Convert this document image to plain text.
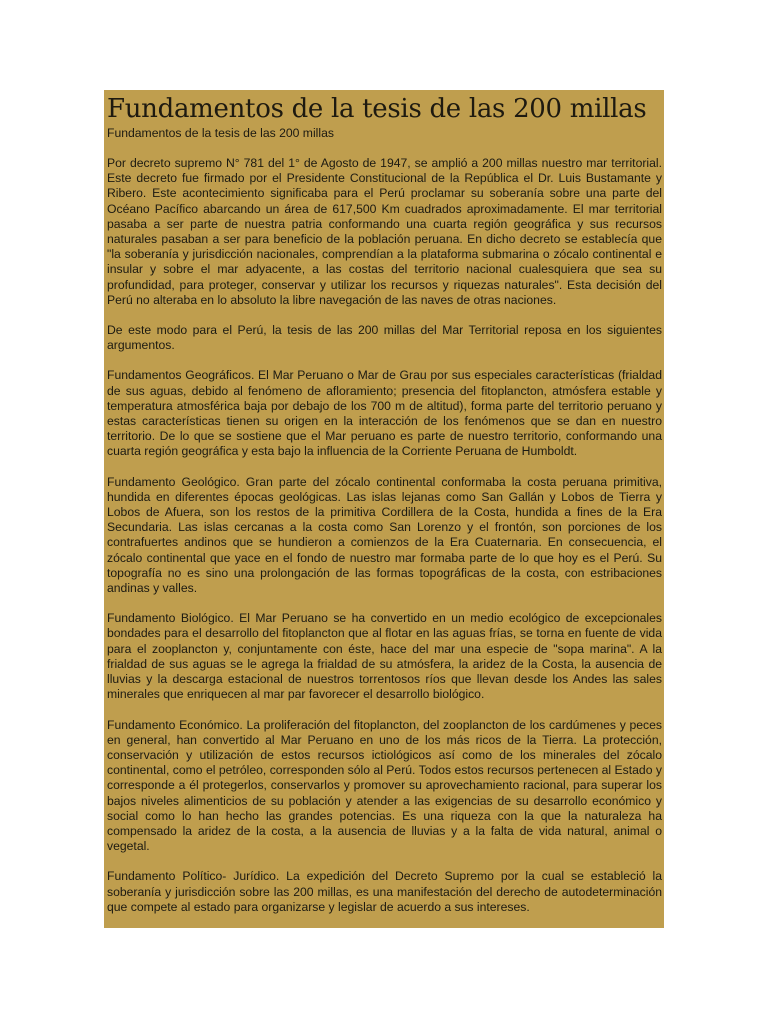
Fundamentos de la tesis de las 200 millas

Fundamentos de la tesis de las 200 millas

Por decreto supremo N° 781 del 1° de Agosto de 1947, se amplió a 200 millas nuestro mar territorial. Este decreto fue firmado por el Presidente Constitucional de la República el Dr. Luis Bustamante y Ribero. Este acontecimiento significaba para el Perú proclamar su soberanía sobre una parte del Océano Pacífico abarcando un área de 617,500 Km cuadrados aproximadamente. El mar territorial pasaba a ser parte de nuestra patria conformando una cuarta región geográfica y sus recursos naturales pasaban a ser para beneficio de la población peruana. En dicho decreto se establecía que "la soberanía y jurisdicción nacionales, comprendían a la plataforma submarina o zócalo continental e insular y sobre el mar adyacente, a las costas del territorio nacional cualesquiera que sea su profundidad, para proteger, conservar y utilizar los recursos y riquezas naturales". Esta decisión del Perú no alteraba en lo absoluto la libre navegación de las naves de otras naciones.

De este modo para el Perú, la tesis de las 200 millas del Mar Territorial reposa en los siguientes argumentos.

Fundamentos Geográficos. El Mar Peruano o Mar de Grau por sus especiales características (frialdad de sus aguas, debido al fenómeno de afloramiento; presencia del fitoplancton, atmósfera estable y temperatura atmosférica baja por debajo de los 700 m de altitud), forma parte del territorio peruano y estas características tienen su origen en la interacción de los fenómenos que se dan en nuestro territorio. De lo que se sostiene que el Mar peruano es parte de nuestro territorio, conformando una cuarta región geográfica y esta bajo la influencia de la Corriente Peruana de Humboldt.

Fundamento Geológico. Gran parte del zócalo continental conformaba la costa peruana primitiva, hundida en diferentes épocas geológicas. Las islas lejanas como San Gallán y Lobos de Tierra y Lobos de Afuera, son los restos de la primitiva Cordillera de la Costa, hundida a fines de la Era Secundaria. Las islas cercanas a la costa como San Lorenzo y el frontón, son porciones de los contrafuertes andinos que se hundieron a comienzos de la Era Cuaternaria. En consecuencia, el zócalo continental que yace en el fondo de nuestro mar formaba parte de lo que hoy es el Perú. Su topografía no es sino una prolongación de las formas topográficas de la costa, con estribaciones andinas y valles.

Fundamento Biológico. El Mar Peruano se ha convertido en un medio ecológico de excepcionales bondades para el desarrollo del fitoplancton que al flotar en las aguas frías, se torna en fuente de vida para el zooplancton y, conjuntamente con éste, hace del mar una especie de "sopa marina". A la frialdad de sus aguas se le agrega la frialdad de su atmósfera, la aridez de la Costa, la ausencia de lluvias y la descarga estacional de nuestros torrentosos ríos que llevan desde los Andes las sales minerales que enriquecen al mar par favorecer el desarrollo biológico.

Fundamento Económico. La proliferación del fitoplancton, del zooplancton de los cardúmenes y peces en general, han convertido al Mar Peruano en uno de los más ricos de la Tierra. La protección, conservación y utilización de estos recursos ictiológicos así como de los minerales del zócalo continental, como el petróleo, corresponden sólo al Perú. Todos estos recursos pertenecen al Estado y corresponde a él protegerlos, conservarlos y promover su aprovechamiento racional, para superar los bajos niveles alimenticios de su población y atender a las exigencias de su desarrollo económico y social como lo han hecho las grandes potencias. Es una riqueza con la que la naturaleza ha compensado la aridez de la costa, a la ausencia de lluvias y a la falta de vida natural, animal o vegetal.

Fundamento Político- Jurídico. La expedición del Decreto Supremo por la cual se estableció la soberanía y jurisdicción sobre las 200 millas, es una manifestación del derecho de autodeterminación que compete al estado para organizarse y legislar de acuerdo a sus intereses.
